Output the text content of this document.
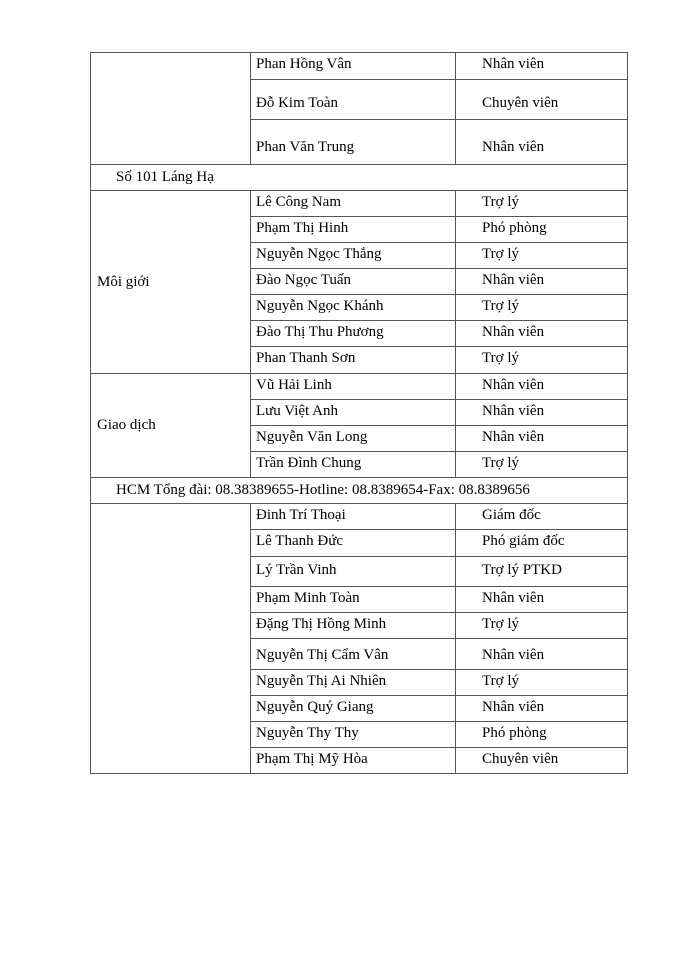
	Phan Hồng Vân	Nhân viên
	Đỗ Kim Toàn	Chuyên viên
	Phan Văn Trung	Nhân viên
Số 101 Láng Hạ		
Môi giới	Lê Công Nam	Trợ lý
	Phạm Thị Hinh	Phó phòng
	Nguyễn Ngọc Thắng	Trợ lý
	Đào Ngọc Tuấn	Nhân viên
	Nguyễn Ngọc Khánh	Trợ lý
	Đào Thị Thu Phương	Nhân viên
	Phan Thanh Sơn	Trợ lý
Giao dịch	Vũ Hải Linh	Nhân viên
	Lưu Việt Anh	Nhân viên
	Nguyễn Văn Long	Nhân viên
	Trần Đình Chung	Trợ lý
HCM Tổng đài: 08.38389655-Hotline: 08.8389654-Fax: 08.8389656		
	Đinh Trí Thoại	Giám đốc
	Lê Thanh Đức	Phó giám đốc
	Lý Trần Vinh	Trợ lý PTKD
	Phạm Minh Toàn	Nhân viên
	Đặng Thị Hồng Minh	Trợ lý
	Nguyễn Thị Cẩm Vân	Nhân viên
	Nguyễn Thị Ai Nhiên	Trợ lý
	Nguyễn Quý Giang	Nhân viên
	Nguyễn Thy Thy	Phó phòng
	Phạm Thị Mỹ Hòa	Chuyên viên
